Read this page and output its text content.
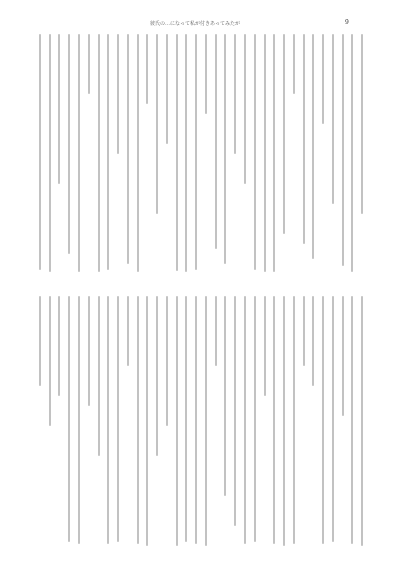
彼氏の…になって私が付きあってみたが	9
